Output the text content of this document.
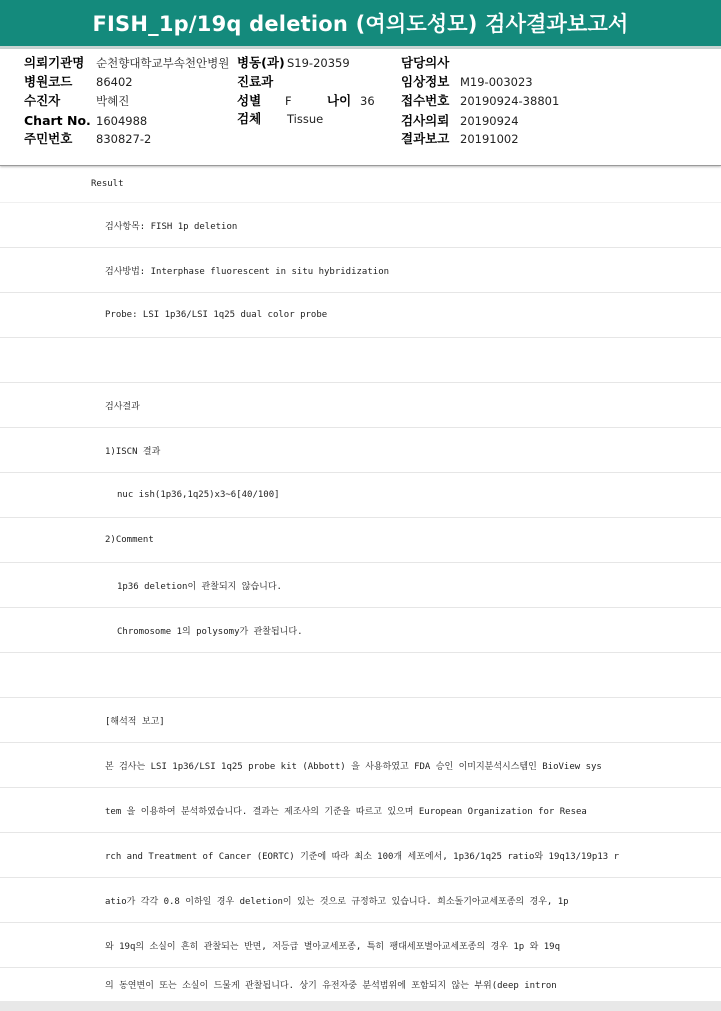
FISH_1p/19q deletion (여의도성모) 검사결과보고서
의뢰기관명 순천향대학교부속천안병원 병동(과) S19-20359	담당의사
병원코드 86402	진료과	임상정보 M19-003023
수진자	박혜진	성별 F	나이 36 접수번호 20190924-38801
Chart No. 1604988	검체 Tissue	검사의뢰 20190924
주민번호 830827-2	결과보고 20191002
Result
검사항목: FISH 1p deletion
검사방법: Interphase fluorescent in situ hybridization
Probe: LSI 1p36/LSI 1q25 dual color probe
검사결과
1)ISCN 결과
nuc ish(1p36,1q25)x3~6[40/100]
2)Comment
1p36 deletion이 관찰되지 않습니다.
Chromosome 1의 polysomy가 관찰됩니다.
[해석적 보고]
본 검사는 LSI 1p36/LSI 1q25 probe kit (Abbott) 을 사용하였고 FDA 승인 이미지분석시스템인 BioView sys
tem 을 이용하여 분석하였습니다. 결과는 제조사의 기준을 따르고 있으며 European Organization for Resea
rch and Treatment of Cancer (EORTC) 기준에 따라 최소 100개 세포에서, 1p36/1q25 ratio와 19q13/19p13 r
atio가 각각 0.8 이하일 경우 deletion이 있는 것으로 규정하고 있습니다. 희소돌기아교세포종의 경우, 1p
와 19q의 소실이 흔히 관찰되는 반면, 저등급 별아교세포종, 특히 팽대세포별아교세포종의 경우 1p 와 19q
의 동연변이 또는 소실이 드물게 관찰됩니다. 상기 유전자중 분석범위에 포함되지 않는 부위(deep intron
